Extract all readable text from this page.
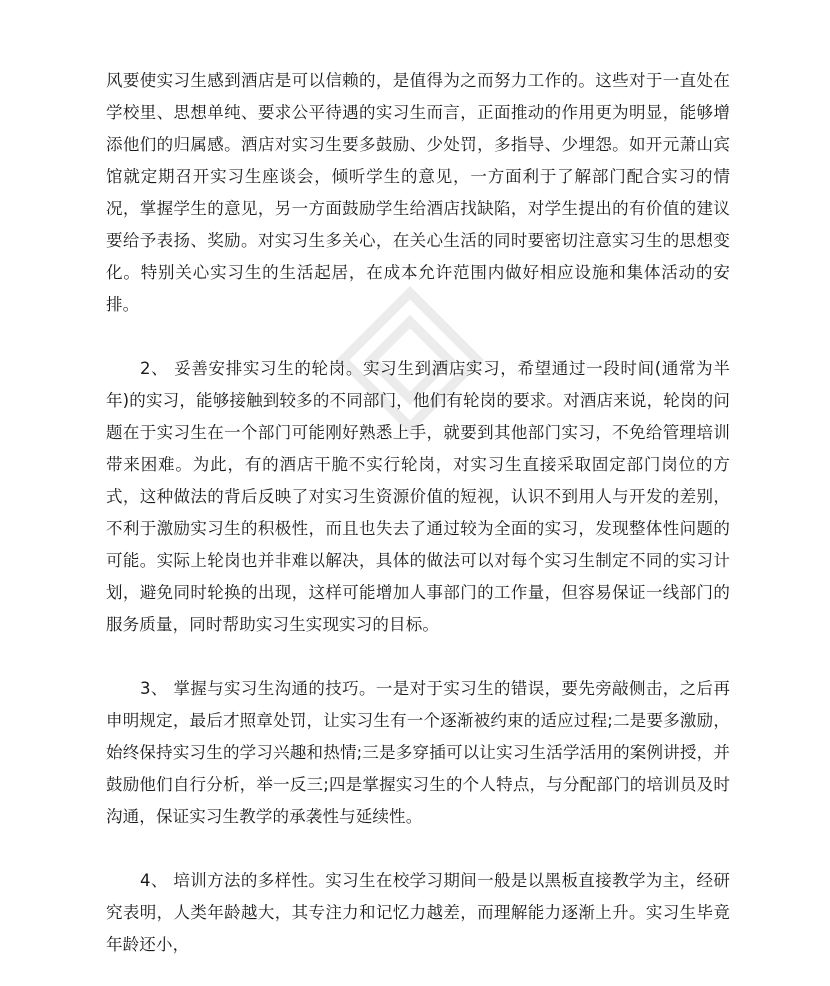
风要使实习生感到酒店是可以信赖的，是值得为之而努力工作的。这些对于一直处在学校里、思想单纯、要求公平待遇的实习生而言，正面推动的作用更为明显，能够增添他们的归属感。酒店对实习生要多鼓励、少处罚，多指导、少埋怨。如开元萧山宾馆就定期召开实习生座谈会，倾听学生的意见，一方面利于了解部门配合实习的情况，掌握学生的意见，另一方面鼓励学生给酒店找缺陷，对学生提出的有价值的建议要给予表扬、奖励。对实习生多关心，在关心生活的同时要密切注意实习生的思想变化。特别关心实习生的生活起居，在成本允许范围内做好相应设施和集体活动的安排。

2、 妥善安排实习生的轮岗。实习生到酒店实习，希望通过一段时间(通常为半年)的实习，能够接触到较多的不同部门，他们有轮岗的要求。对酒店来说，轮岗的问题在于实习生在一个部门可能刚好熟悉上手，就要到其他部门实习，不免给管理培训带来困难。为此，有的酒店干脆不实行轮岗，对实习生直接采取固定部门岗位的方式，这种做法的背后反映了对实习生资源价值的短视，认识不到用人与开发的差别，不利于激励实习生的积极性，而且也失去了通过较为全面的实习，发现整体性问题的可能。实际上轮岗也并非难以解决，具体的做法可以对每个实习生制定不同的实习计划，避免同时轮换的出现，这样可能增加人事部门的工作量，但容易保证一线部门的服务质量，同时帮助实习生实现实习的目标。

3、 掌握与实习生沟通的技巧。一是对于实习生的错误，要先旁敲侧击，之后再申明规定，最后才照章处罚，让实习生有一个逐渐被约束的适应过程;二是要多激励，始终保持实习生的学习兴趣和热情;三是多穿插可以让实习生活学活用的案例讲授，并鼓励他们自行分析，举一反三;四是掌握实习生的个人特点，与分配部门的培训员及时沟通，保证实习生教学的承袭性与延续性。

4、 培训方法的多样性。实习生在校学习期间一般是以黑板直接教学为主，经研究表明，人类年龄越大，其专注力和记忆力越差，而理解能力逐渐上升。实习生毕竟年龄还小，
